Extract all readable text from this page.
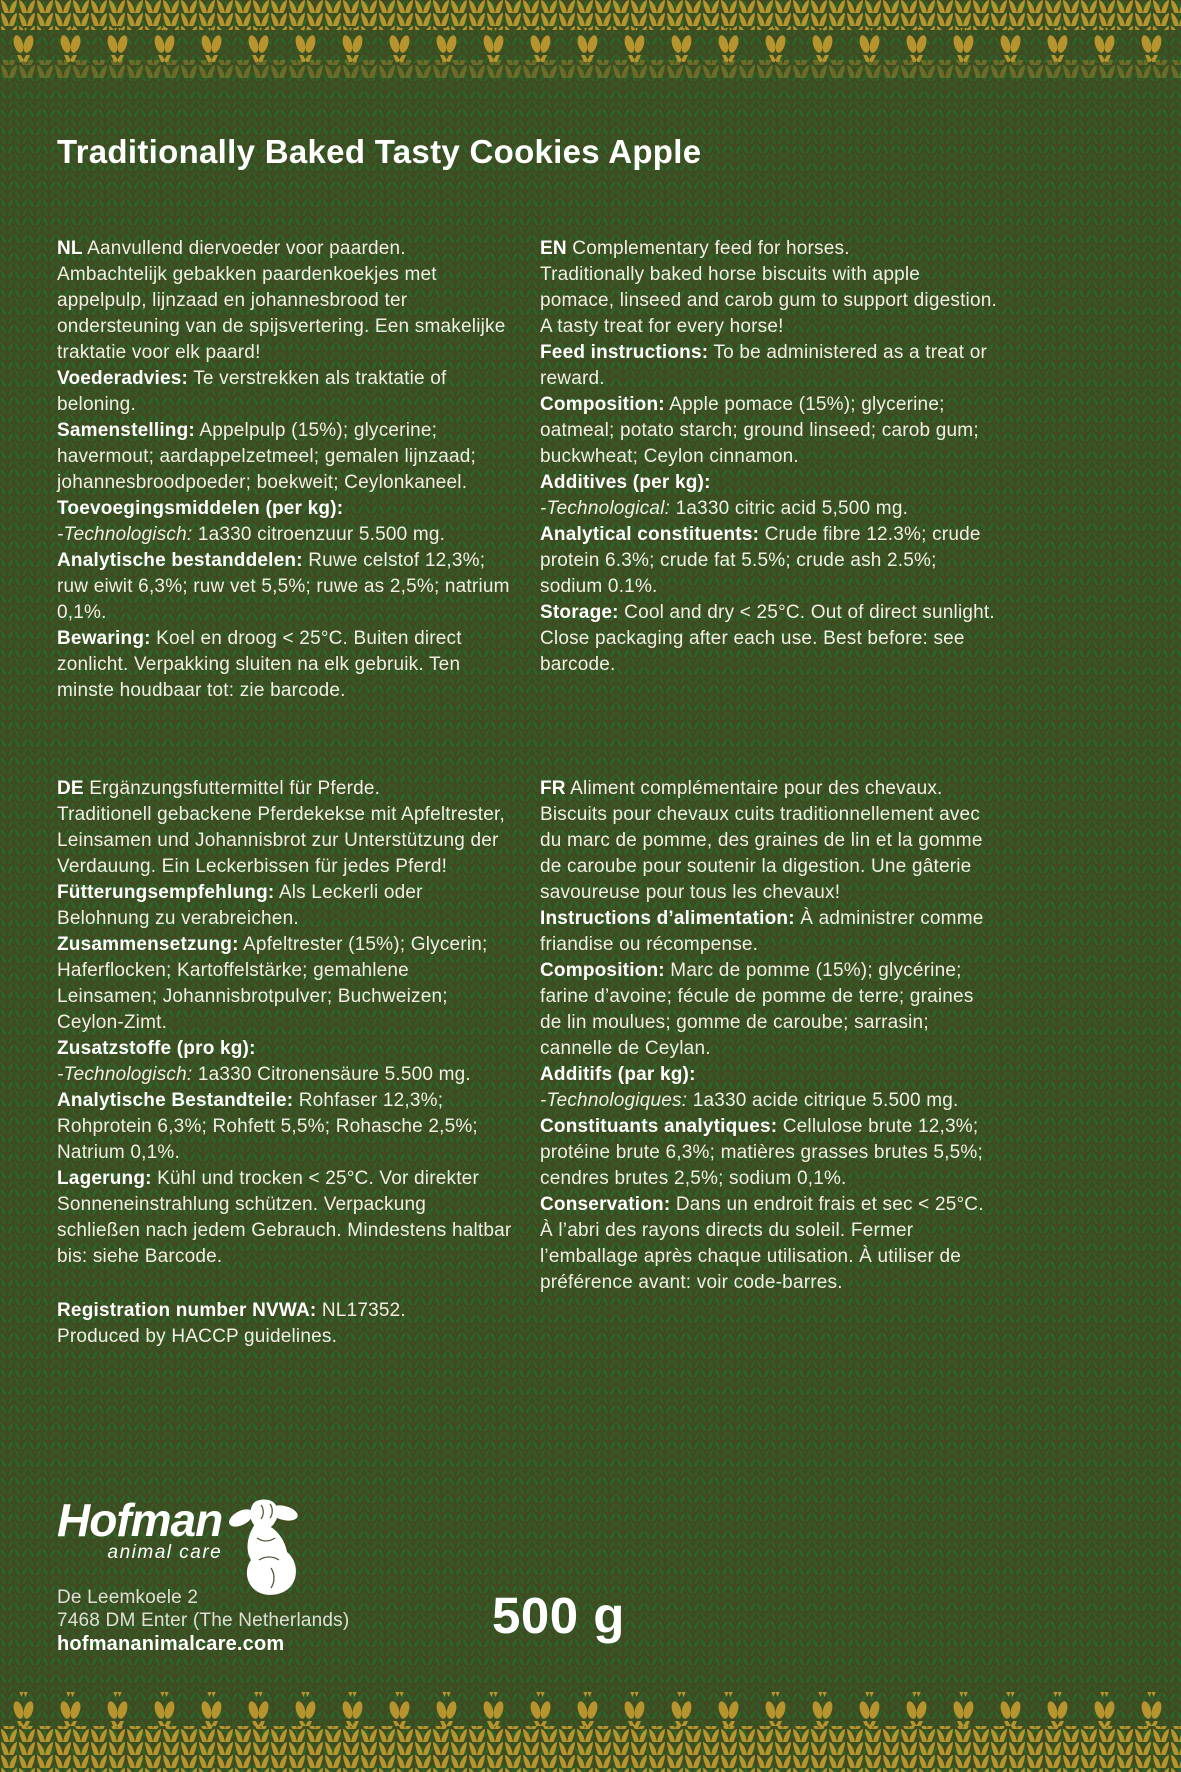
Traditionally Baked Tasty Cookies Apple

NL Aanvullend diervoeder voor paarden.
Ambachtelijk gebakken paardenkoekjes met appelpulp, lijnzaad en johannesbrood ter ondersteuning van de spijsvertering. Een smakelijke traktatie voor elk paard!
Voederadvies: Te verstrekken als traktatie of beloning.
Samenstelling: Appelpulp (15%); glycerine; havermout; aardappelzetmeel; gemalen lijnzaad; johannesbroodpoeder; boekweit; Ceylonkaneel.
Toevoegingsmiddelen (per kg):
-Technologisch: 1a330 citroenzuur 5.500 mg.
Analytische bestanddelen: Ruwe celstof 12,3%; ruw eiwit 6,3%; ruw vet 5,5%; ruwe as 2,5%; natrium 0,1%.
Bewaring: Koel en droog < 25°C. Buiten direct zonlicht. Verpakking sluiten na elk gebruik. Ten minste houdbaar tot: zie barcode.

DE Ergänzungsfuttermittel für Pferde.
Traditionell gebackene Pferdekekse mit Apfeltrester, Leinsamen und Johannisbrot zur Unterstützung der Verdauung. Ein Leckerbissen für jedes Pferd!
Fütterungsempfehlung: Als Leckerli oder Belohnung zu verabreichen.
Zusammensetzung: Apfeltrester (15%); Glycerin; Haferflocken; Kartoffelstärke; gemahlene Leinsamen; Johannisbrotpulver; Buchweizen; Ceylon-Zimt.
Zusatzstoffe (pro kg):
-Technologisch: 1a330 Citronensäure 5.500 mg.
Analytische Bestandteile: Rohfaser 12,3%; Rohprotein 6,3%; Rohfett 5,5%; Rohasche 2,5%; Natrium 0,1%.
Lagerung: Kühl und trocken < 25°C. Vor direkter Sonneneinstrahlung schützen. Verpackung schließen nach jedem Gebrauch. Mindestens haltbar bis: siehe Barcode.

Registration number NVWA: NL17352.
Produced by HACCP guidelines.

EN Complementary feed for horses.
Traditionally baked horse biscuits with apple pomace, linseed and carob gum to support digestion. A tasty treat for every horse!
Feed instructions: To be administered as a treat or reward.
Composition: Apple pomace (15%); glycerine; oatmeal; potato starch; ground linseed; carob gum; buckwheat; Ceylon cinnamon.
Additives (per kg):
-Technological: 1a330 citric acid 5,500 mg.
Analytical constituents: Crude fibre 12.3%; crude protein 6.3%; crude fat 5.5%; crude ash 2.5%; sodium 0.1%.
Storage: Cool and dry < 25°C. Out of direct sunlight. Close packaging after each use. Best before: see barcode.

FR Aliment complémentaire pour des chevaux.
Biscuits pour chevaux cuits traditionnellement avec du marc de pomme, des graines de lin et la gomme de caroube pour soutenir la digestion. Une gâterie savoureuse pour tous les chevaux!
Instructions d’alimentation: À administrer comme friandise ou récompense.
Composition: Marc de pomme (15%); glycérine; farine d’avoine; fécule de pomme de terre; graines de lin moulues; gomme de caroube; sarrasin; cannelle de Ceylan.
Additifs (par kg):
-Technologiques: 1a330 acide citrique 5.500 mg.
Constituants analytiques: Cellulose brute 12,3%; protéine brute 6,3%; matières grasses brutes 5,5%; cendres brutes 2,5%; sodium 0,1%.
Conservation: Dans un endroit frais et sec < 25°C. À l’abri des rayons directs du soleil. Fermer l’emballage après chaque utilisation. À utiliser de préférence avant: voir code-barres.

Hofman
animal care
De Leemkoele 2
7468 DM Enter (The Netherlands)
hofmananimalcare.com	500 g
